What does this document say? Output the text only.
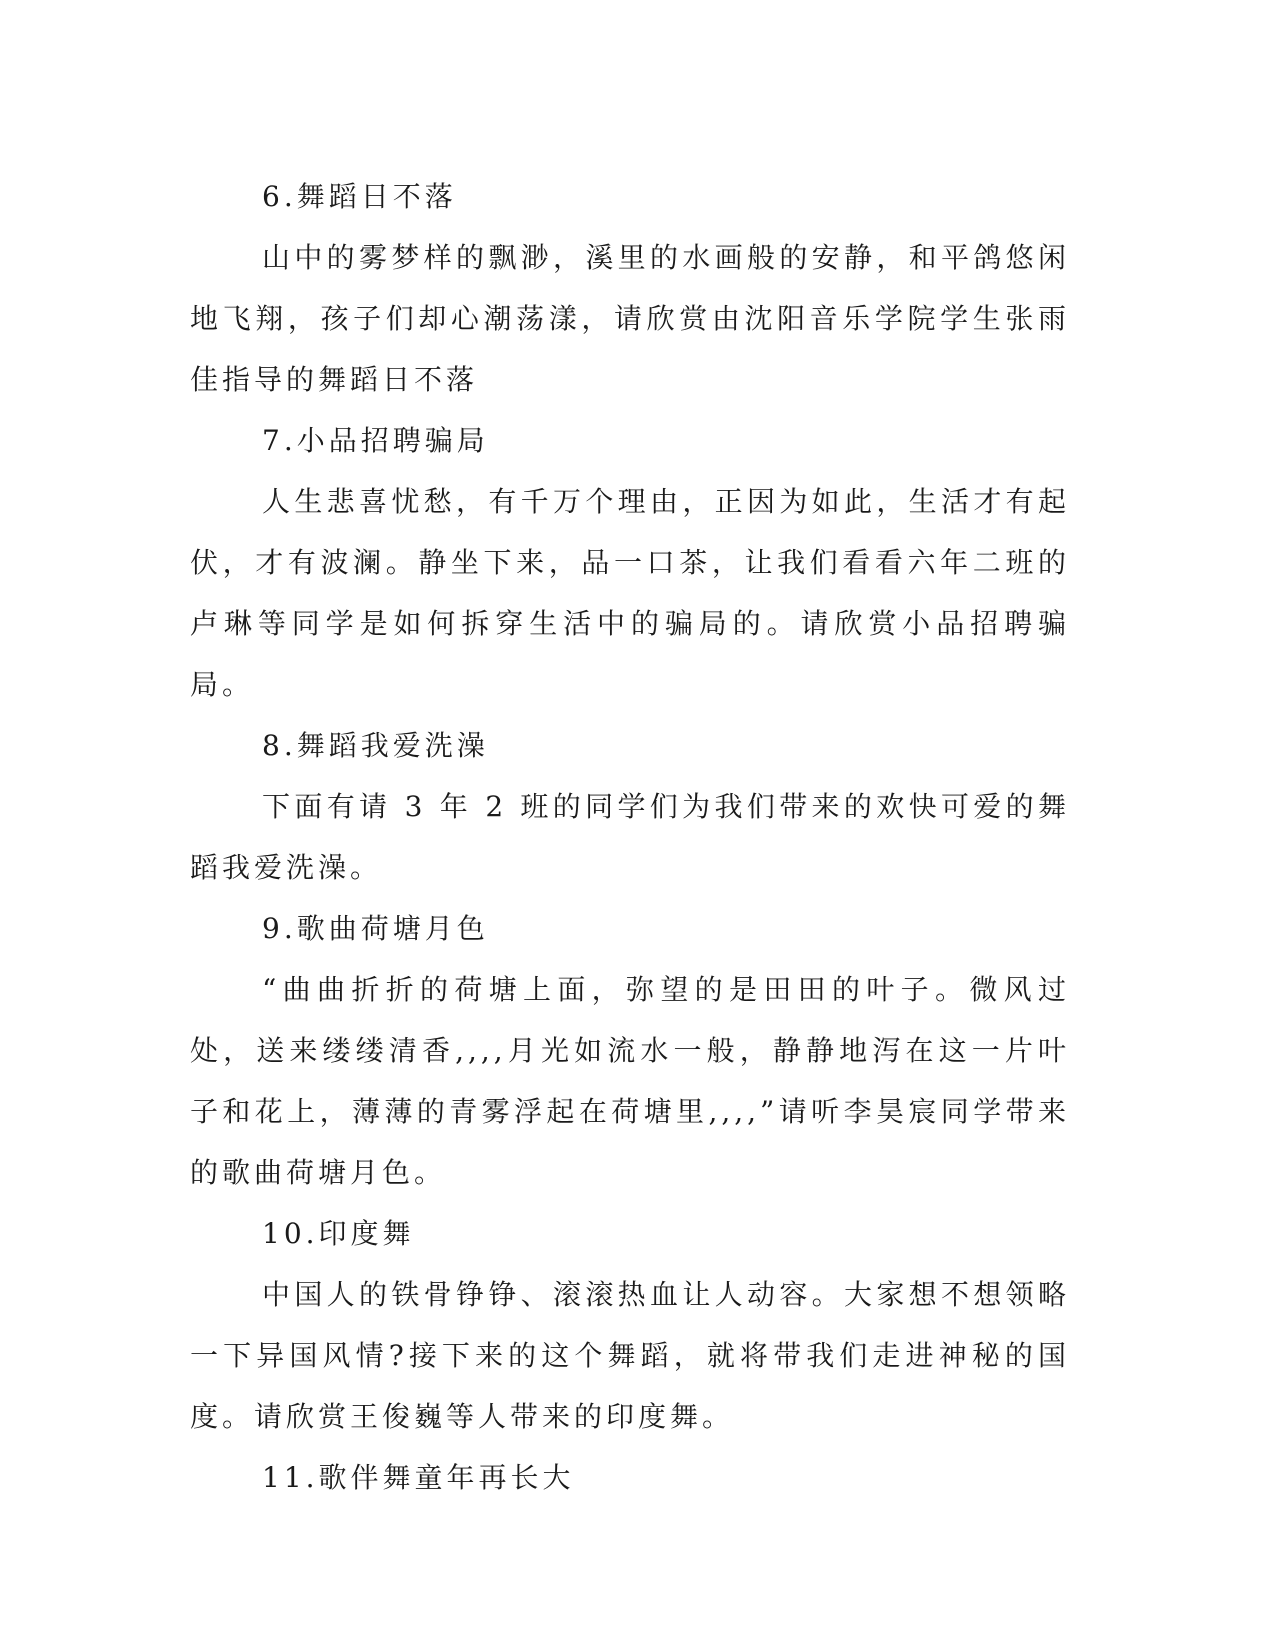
6.舞蹈日不落

山中的雾梦样的飘渺，溪里的水画般的安静，和平鸽悠闲地飞翔，孩子们却心潮荡漾，请欣赏由沈阳音乐学院学生张雨佳指导的舞蹈日不落

7.小品招聘骗局

人生悲喜忧愁，有千万个理由，正因为如此，生活才有起伏，才有波澜。静坐下来，品一口茶，让我们看看六年二班的卢琳等同学是如何拆穿生活中的骗局的。请欣赏小品招聘骗局。

8.舞蹈我爱洗澡

下面有请 3 年 2 班的同学们为我们带来的欢快可爱的舞蹈我爱洗澡。

9.歌曲荷塘月色

“曲曲折折的荷塘上面，弥望的是田田的叶子。微风过处，送来缕缕清香,,,,月光如流水一般，静静地泻在这一片叶子和花上，薄薄的青雾浮起在荷塘里,,,,”请听李昊宸同学带来的歌曲荷塘月色。

10.印度舞

中国人的铁骨铮铮、滚滚热血让人动容。大家想不想领略一下异国风情?接下来的这个舞蹈，就将带我们走进神秘的国度。请欣赏王俊巍等人带来的印度舞。

11.歌伴舞童年再长大
